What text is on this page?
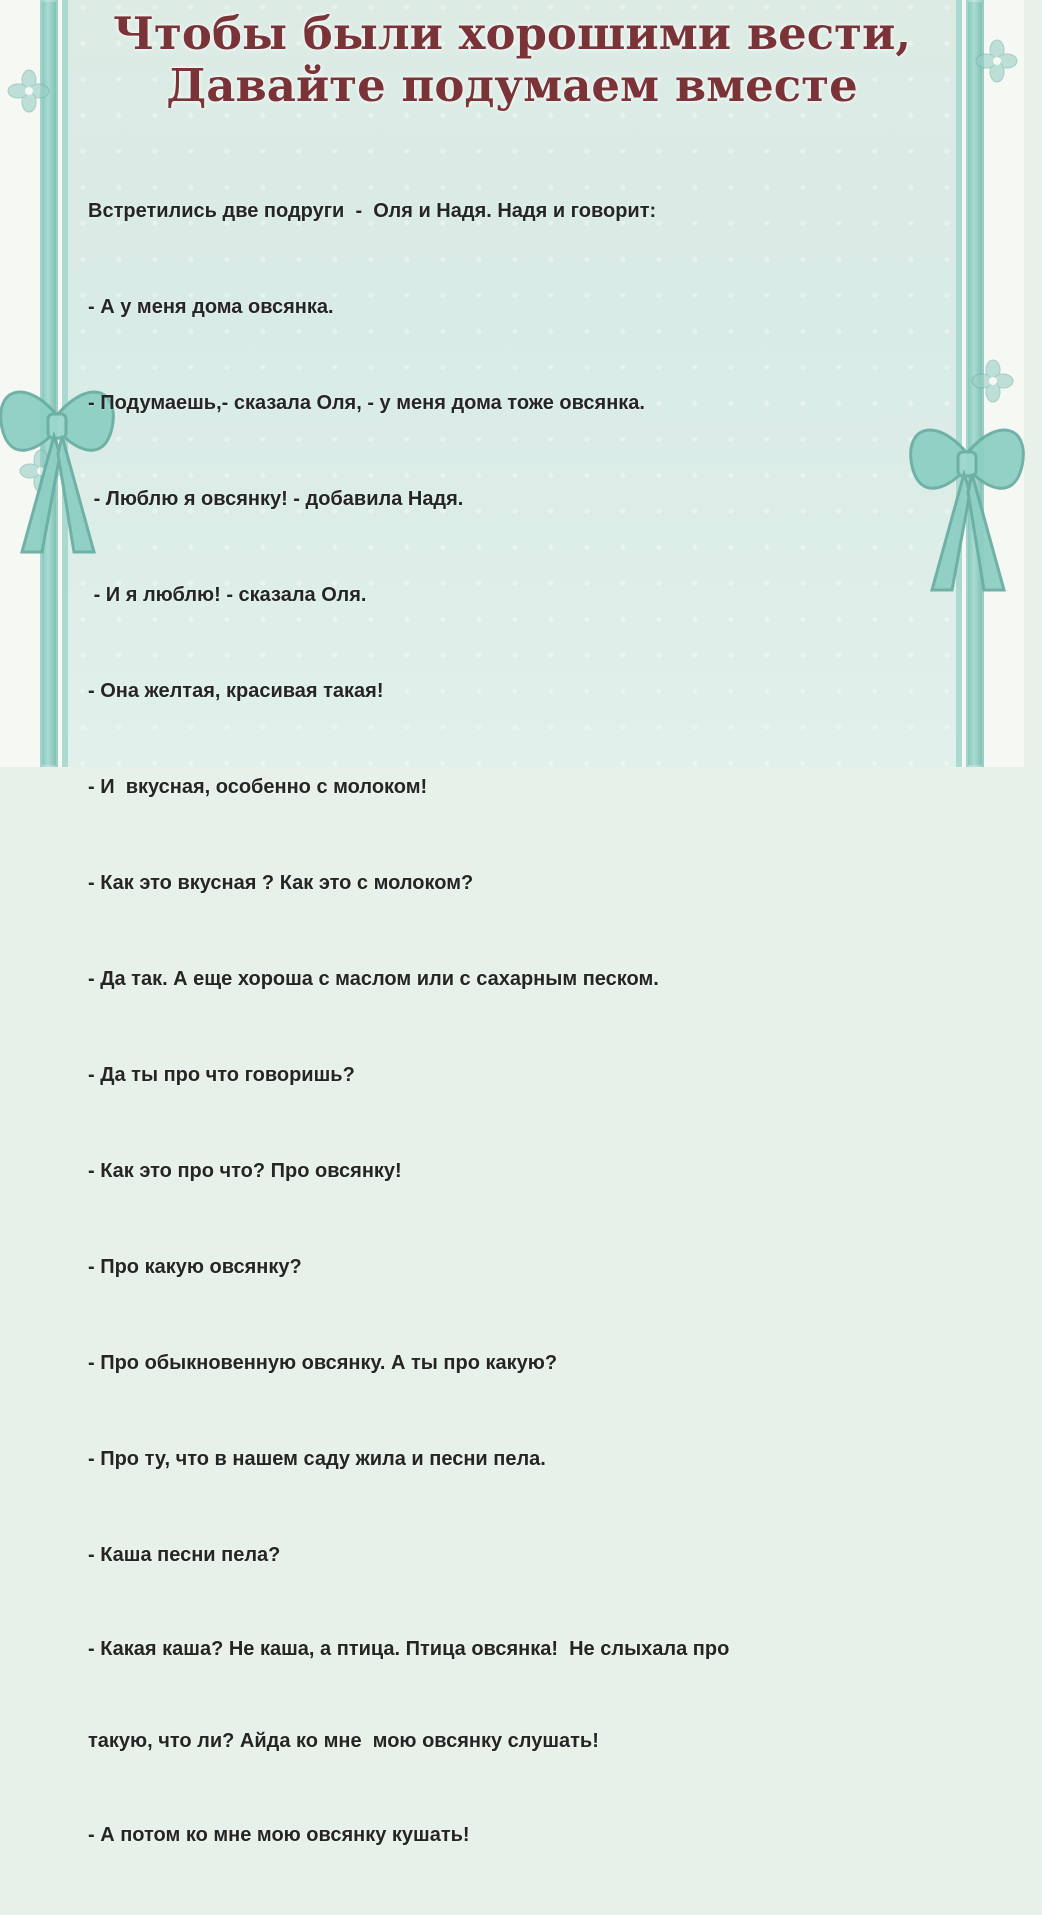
Чтобы были хорошими вести,
Давайте подумаем вместе

Встретились две подруги  -  Оля и Надя. Надя и говорит:

- А у меня дома овсянка.

- Подумаешь,- сказала Оля, - у меня дома тоже овсянка.

- Люблю я овсянку! - добавила Надя.

- И я люблю! - сказала Оля.

- Она желтая, красивая такая!

- И  вкусная, особенно с молоком!

- Как это вкусная ? Как это с молоком?

- Да так. А еще хороша с маслом или с сахарным песком.

- Да ты про что говоришь?

- Как это про что? Про овсянку!

- Про какую овсянку?

- Про обыкновенную овсянку. А ты про какую?

- Про ту, что в нашем саду жила и песни пела.

- Каша песни пела?

- Какая каша? Не каша, а птица. Птица овсянка!  Не слыхала про

такую, что ли? Айда ко мне  мою овсянку слушать!

- А потом ко мне мою овсянку кушать!
